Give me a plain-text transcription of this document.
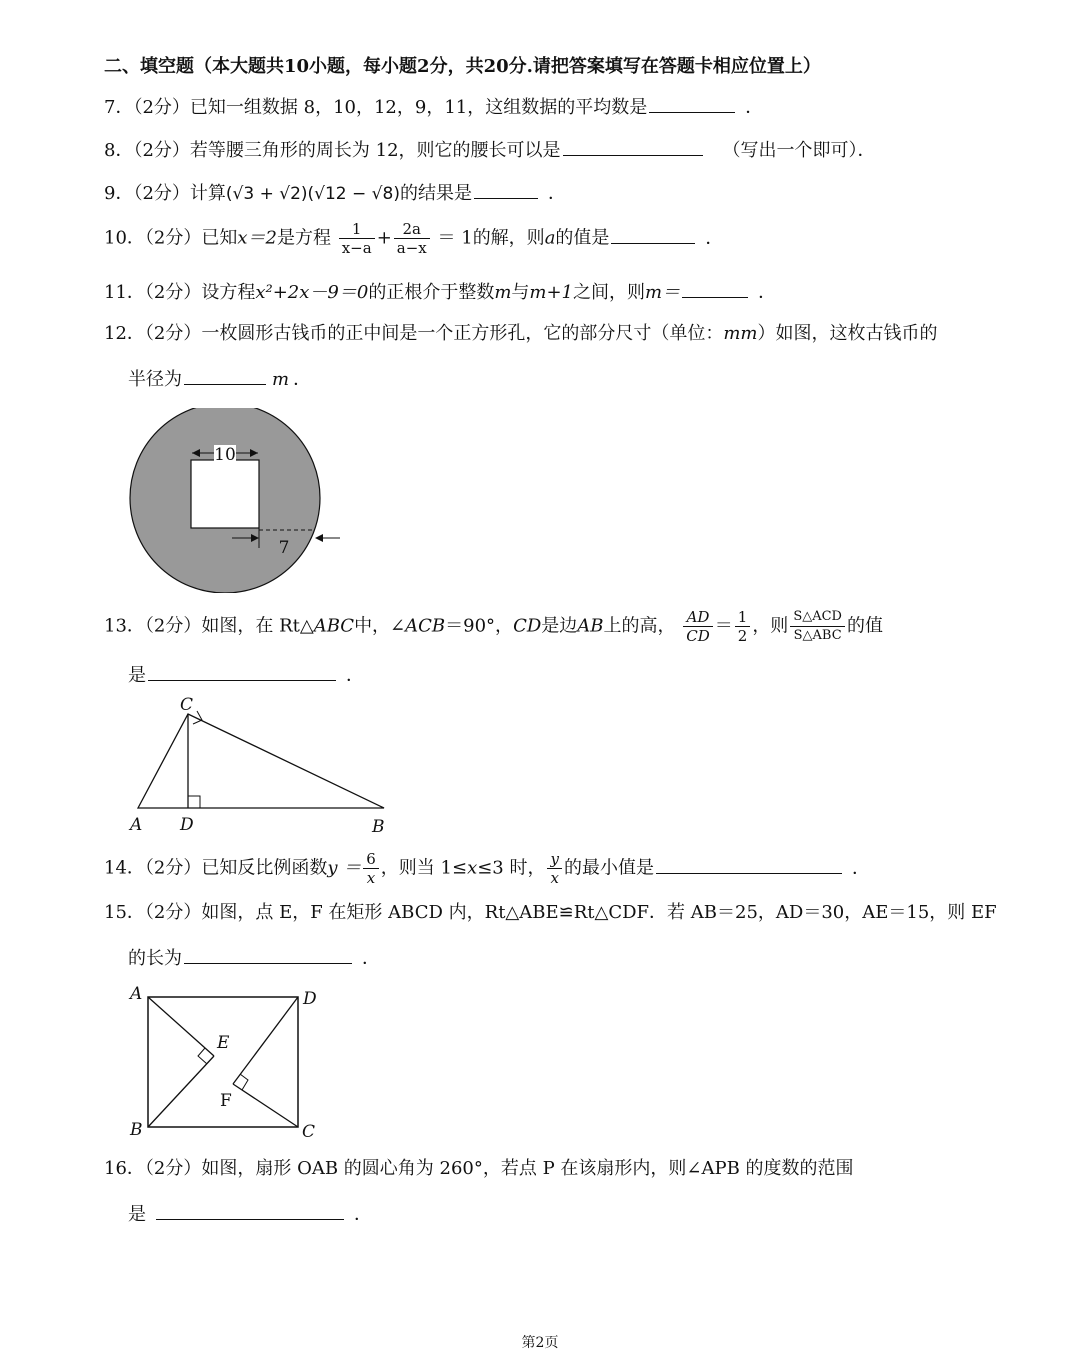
二、填空题（本大题共10小题，每小题2分，共20分.请把答案填写在答题卡相应位置上）
7．（2分）已知一组数据 8，10，12，9，11，这组数据的平均数是	．
8．（2分）若等腰三角形的周长为 12，则它的腰长可以是	（写出一个即可）．
9．（2分）计算(√3 + √2)(√12 − √8)的结果是	．
10．（2分）已知x＝2是方程 $\frac{1}{x-a} + \frac{2a}{a-x} = 1$的解，则a的值是	．
11．（2分）设方程x²+2x－9＝0的正根介于整数m与m+1之间，则m＝	．
12．（2分）一枚圆形古钱币的正中间是一个正方形孔，它的部分尺寸（单位：mm）如图，这枚古钱币的
半径为	m ．
10
7
13．（2分）如图，在 Rt△ABC中，∠ACB＝90°，CD是边AB上的高， $\frac{AD}{CD} = \frac{1}{2}$ ，则 $\frac{\text{S△ACD}}{\text{S△ABC}}$ 的值
是	．
C
A D	B
14．（2分）已知反比例函数$y = \frac{6}{x}$ ，则当 1≤x≤3 时， $\frac{y}{x}$ 的最小值是	．
15．（2分）如图，点 E，F 在矩形 ABCD 内，Rt△ABE≌Rt△CDF．若 AB＝25，AD＝30，AE＝15，则 EF
的长为	．
A	D
B	C
E
F
16．（2分）如图，扇形 OAB 的圆心角为 260°，若点 P 在该扇形内，则∠APB 的度数的范围
是	．
第2页
